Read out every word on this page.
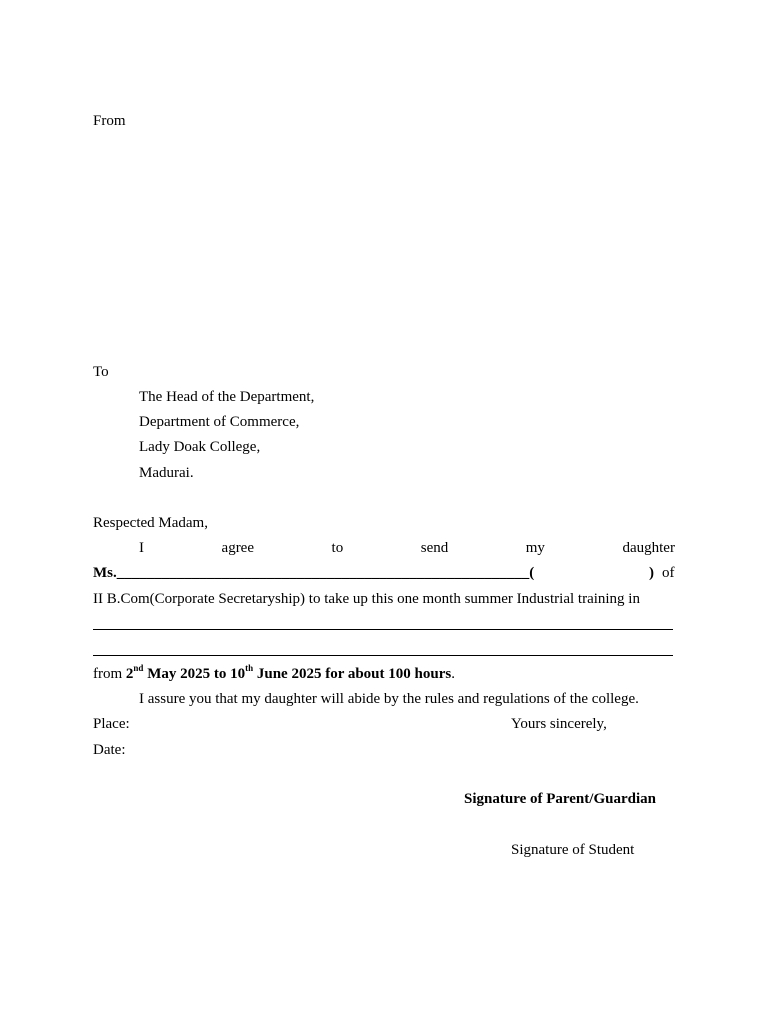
From
To
The Head of the Department,
Department of Commerce,
Lady Doak College,
Madurai.
Respected Madam,
I	agree	to	send	my	daughter
Ms._______________________________________________________(	) of
II B.Com(Corporate Secretaryship) to take up this one month summer Industrial training in
from 2nd May 2025 to 10th June 2025 for about 100 hours.
I assure you that my daughter will abide by the rules and regulations of the college.
Place:	Yours sincerely,
Date:
Signature of Parent/Guardian
Signature of Student
